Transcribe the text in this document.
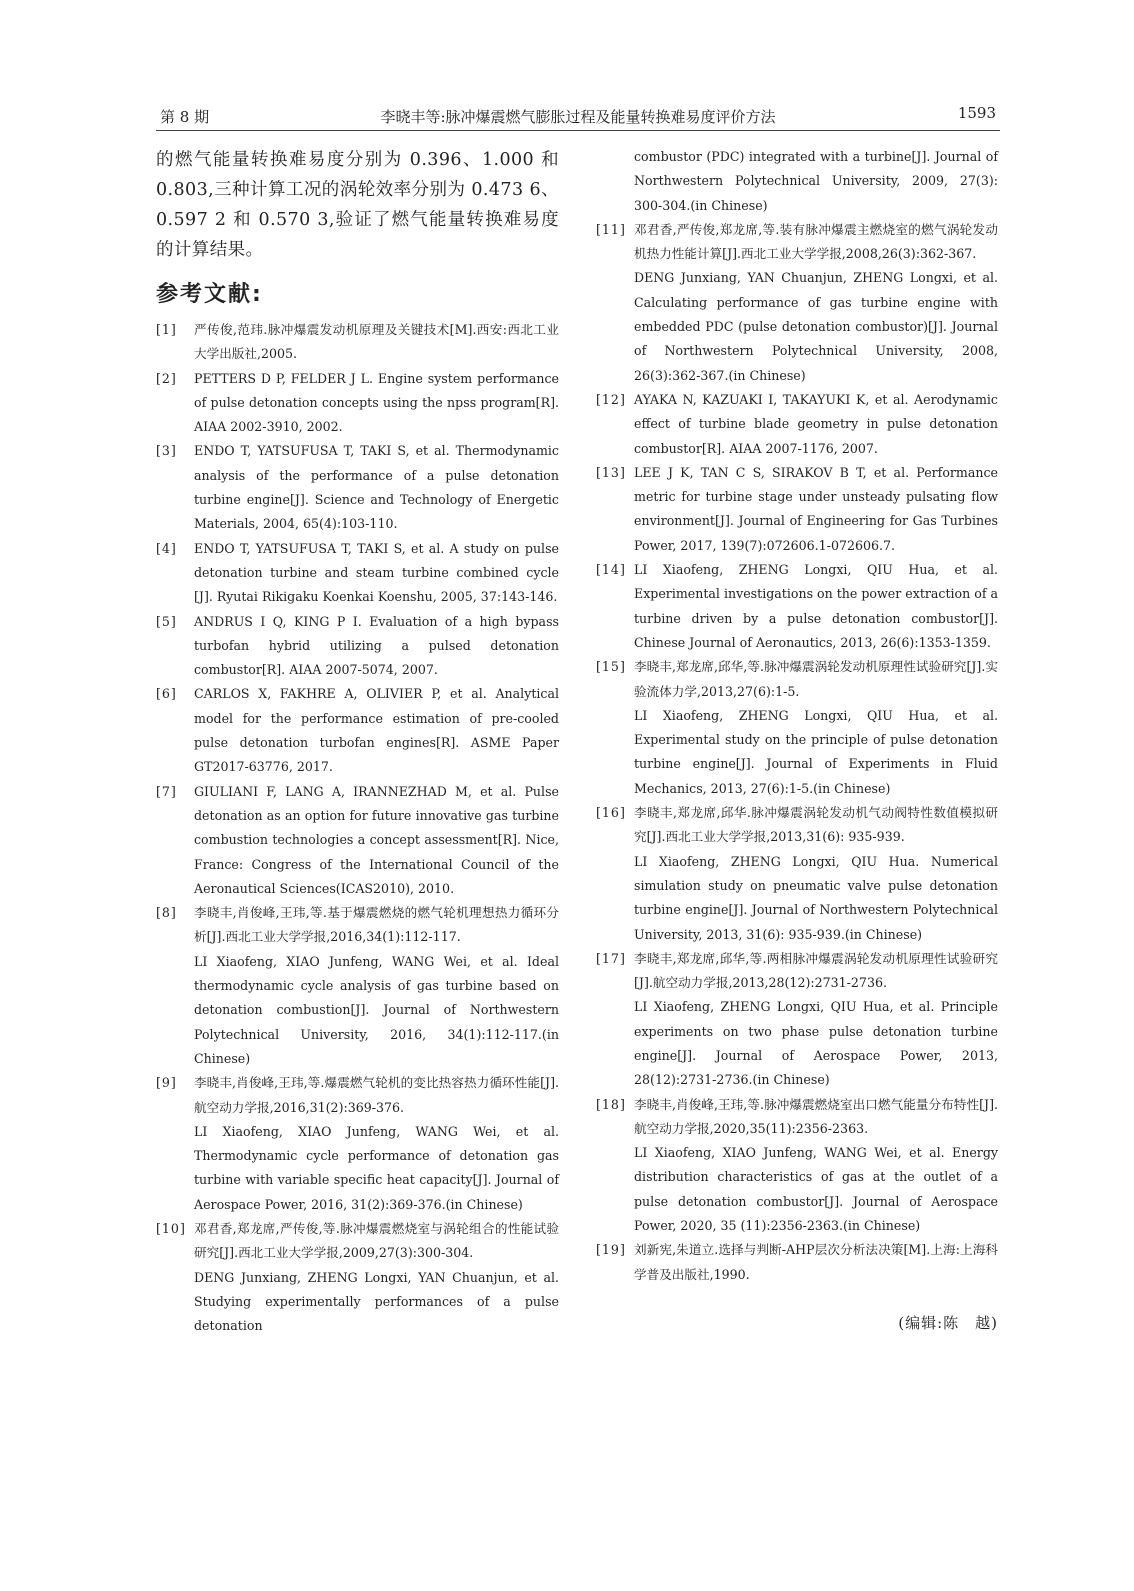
第 8 期	李晓丰等:脉冲爆震燃气膨胀过程及能量转换难易度评价方法	1593

的燃气能量转换难易度分别为 0.396、1.000 和 0.803,三种计算工况的涡轮效率分别为 0.473 6、0.597 2 和 0.570 3,验证了燃气能量转换难易度的计算结果。

参考文献:
[1]	严传俊,范玮.脉冲爆震发动机原理及关键技术[M].西安:西北工业大学出版社,2005.
[2]	PETTERS D P, FELDER J L. Engine system performance of pulse detonation concepts using the npss program[R]. AIAA 2002-3910, 2002.
[3]	ENDO T, YATSUFUSA T, TAKI S, et al. Thermodynamic analysis of the performance of a pulse detonation turbine engine[J]. Science and Technology of Energetic Materials, 2004, 65(4):103-110.
[4]	ENDO T, YATSUFUSA T, TAKI S, et al. A study on pulse detonation turbine and steam turbine combined cycle [J]. Ryutai Rikigaku Koenkai Koenshu, 2005, 37:143-146.
[5]	ANDRUS I Q, KING P I. Evaluation of a high bypass turbofan hybrid utilizing a pulsed detonation combustor[R]. AIAA 2007-5074, 2007.
[6]	CARLOS X, FAKHRE A, OLIVIER P, et al. Analytical model for the performance estimation of pre-cooled pulse detonation turbofan engines[R]. ASME Paper GT2017-63776, 2017.
[7]	GIULIANI F, LANG A, IRANNEZHAD M, et al. Pulse detonation as an option for future innovative gas turbine combustion technologies a concept assessment[R]. Nice, France: Congress of the International Council of the Aeronautical Sciences(ICAS2010), 2010.
[8]	李晓丰,肖俊峰,王玮,等.基于爆震燃烧的燃气轮机理想热力循环分析[J].西北工业大学学报,2016,34(1):112-117.
LI Xiaofeng, XIAO Junfeng, WANG Wei, et al. Ideal thermodynamic cycle analysis of gas turbine based on detonation combustion[J]. Journal of Northwestern Polytechnical University, 2016, 34(1):112-117.(in Chinese)
[9]	李晓丰,肖俊峰,王玮,等.爆震燃气轮机的变比热容热力循环性能[J].航空动力学报,2016,31(2):369-376.
LI Xiaofeng, XIAO Junfeng, WANG Wei, et al. Thermodynamic cycle performance of detonation gas turbine with variable specific heat capacity[J]. Journal of Aerospace Power, 2016, 31(2):369-376.(in Chinese)
[10] 邓君香,郑龙席,严传俊,等.脉冲爆震燃烧室与涡轮组合的性能试验研究[J].西北工业大学学报,2009,27(3):300-304.
DENG Junxiang, ZHENG Longxi, YAN Chuanjun, et al. Studying experimentally performances of a pulse detonation
combustor (PDC) integrated with a turbine[J]. Journal of Northwestern Polytechnical University, 2009, 27(3): 300-304.(in Chinese)
[11] 邓君香,严传俊,郑龙席,等.装有脉冲爆震主燃烧室的燃气涡轮发动机热力性能计算[J].西北工业大学学报,2008,26(3):362-367.
DENG Junxiang, YAN Chuanjun, ZHENG Longxi, et al. Calculating performance of gas turbine engine with embedded PDC (pulse detonation combustor)[J]. Journal of Northwestern Polytechnical University, 2008, 26(3):362-367.(in Chinese)
[12] AYAKA N, KAZUAKI I, TAKAYUKI K, et al. Aerodynamic effect of turbine blade geometry in pulse detonation combustor[R]. AIAA 2007-1176, 2007.
[13] LEE J K, TAN C S, SIRAKOV B T, et al. Performance metric for turbine stage under unsteady pulsating flow environment[J]. Journal of Engineering for Gas Turbines Power, 2017, 139(7):072606.1-072606.7.
[14] LI Xiaofeng, ZHENG Longxi, QIU Hua, et al. Experimental investigations on the power extraction of a turbine driven by a pulse detonation combustor[J]. Chinese Journal of Aeronautics, 2013, 26(6):1353-1359.
[15] 李晓丰,郑龙席,邱华,等.脉冲爆震涡轮发动机原理性试验研究[J].实验流体力学,2013,27(6):1-5.
LI Xiaofeng, ZHENG Longxi, QIU Hua, et al. Experimental study on the principle of pulse detonation turbine engine[J]. Journal of Experiments in Fluid Mechanics, 2013, 27(6):1-5.(in Chinese)
[16] 李晓丰,郑龙席,邱华.脉冲爆震涡轮发动机气动阀特性数值模拟研究[J].西北工业大学学报,2013,31(6): 935-939.
LI Xiaofeng, ZHENG Longxi, QIU Hua. Numerical simulation study on pneumatic valve pulse detonation turbine engine[J]. Journal of Northwestern Polytechnical University, 2013, 31(6): 935-939.(in Chinese)
[17] 李晓丰,郑龙席,邱华,等.两相脉冲爆震涡轮发动机原理性试验研究[J].航空动力学报,2013,28(12):2731-2736.
LI Xiaofeng, ZHENG Longxi, QIU Hua, et al. Principle experiments on two phase pulse detonation turbine engine[J]. Journal of Aerospace Power, 2013, 28(12):2731-2736.(in Chinese)
[18] 李晓丰,肖俊峰,王玮,等.脉冲爆震燃烧室出口燃气能量分布特性[J].航空动力学报,2020,35(11):2356-2363.
LI Xiaofeng, XIAO Junfeng, WANG Wei, et al. Energy distribution characteristics of gas at the outlet of a pulse detonation combustor[J]. Journal of Aerospace Power, 2020, 35 (11):2356-2363.(in Chinese)
[19] 刘新宪,朱道立.选择与判断-AHP层次分析法决策[M].上海:上海科学普及出版社,1990.
(编辑:陈　越)
